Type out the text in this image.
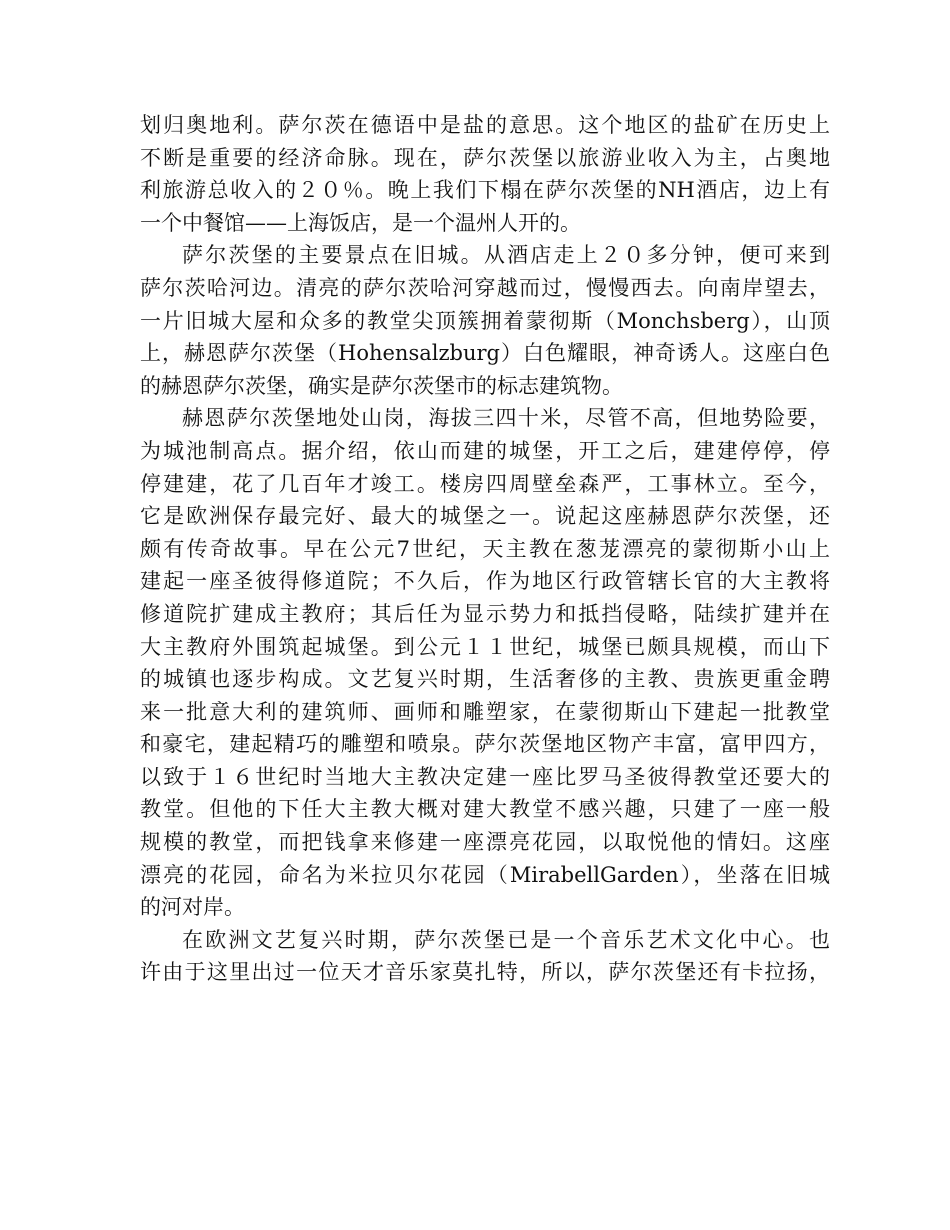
划归奥地利。萨尔茨在德语中是盐的意思。这个地区的盐矿在历史上
不断是重要的经济命脉。现在，萨尔茨堡以旅游业收入为主，占奥地
利旅游总收入的２０％。晚上我们下榻在萨尔茨堡的NH酒店，边上有
一个中餐馆——上海饭店，是一个温州人开的。
萨尔茨堡的主要景点在旧城。从酒店走上２０多分钟，便可来到
萨尔茨哈河边。清亮的萨尔茨哈河穿越而过，慢慢西去。向南岸望去，
一片旧城大屋和众多的教堂尖顶簇拥着蒙彻斯（Monchsberg），山顶
上，赫恩萨尔茨堡（Hohensalzburg）白色耀眼，神奇诱人。这座白色
的赫恩萨尔茨堡，确实是萨尔茨堡市的标志建筑物。
赫恩萨尔茨堡地处山岗，海拔三四十米，尽管不高，但地势险要，
为城池制高点。据介绍，依山而建的城堡，开工之后，建建停停，停
停建建，花了几百年才竣工。楼房四周壁垒森严，工事林立。至今，
它是欧洲保存最完好、最大的城堡之一。说起这座赫恩萨尔茨堡，还
颇有传奇故事。早在公元7世纪，天主教在葱茏漂亮的蒙彻斯小山上
建起一座圣彼得修道院；不久后，作为地区行政管辖长官的大主教将
修道院扩建成主教府；其后任为显示势力和抵挡侵略，陆续扩建并在
大主教府外围筑起城堡。到公元１１世纪，城堡已颇具规模，而山下
的城镇也逐步构成。文艺复兴时期，生活奢侈的主教、贵族更重金聘
来一批意大利的建筑师、画师和雕塑家，在蒙彻斯山下建起一批教堂
和豪宅，建起精巧的雕塑和喷泉。萨尔茨堡地区物产丰富，富甲四方，
以致于１６世纪时当地大主教决定建一座比罗马圣彼得教堂还要大的
教堂。但他的下任大主教大概对建大教堂不感兴趣，只建了一座一般
规模的教堂，而把钱拿来修建一座漂亮花园，以取悦他的情妇。这座
漂亮的花园，命名为米拉贝尔花园（MirabellGarden），坐落在旧城
的河对岸。
在欧洲文艺复兴时期，萨尔茨堡已是一个音乐艺术文化中心。也
许由于这里出过一位天才音乐家莫扎特，所以，萨尔茨堡还有卡拉扬，
